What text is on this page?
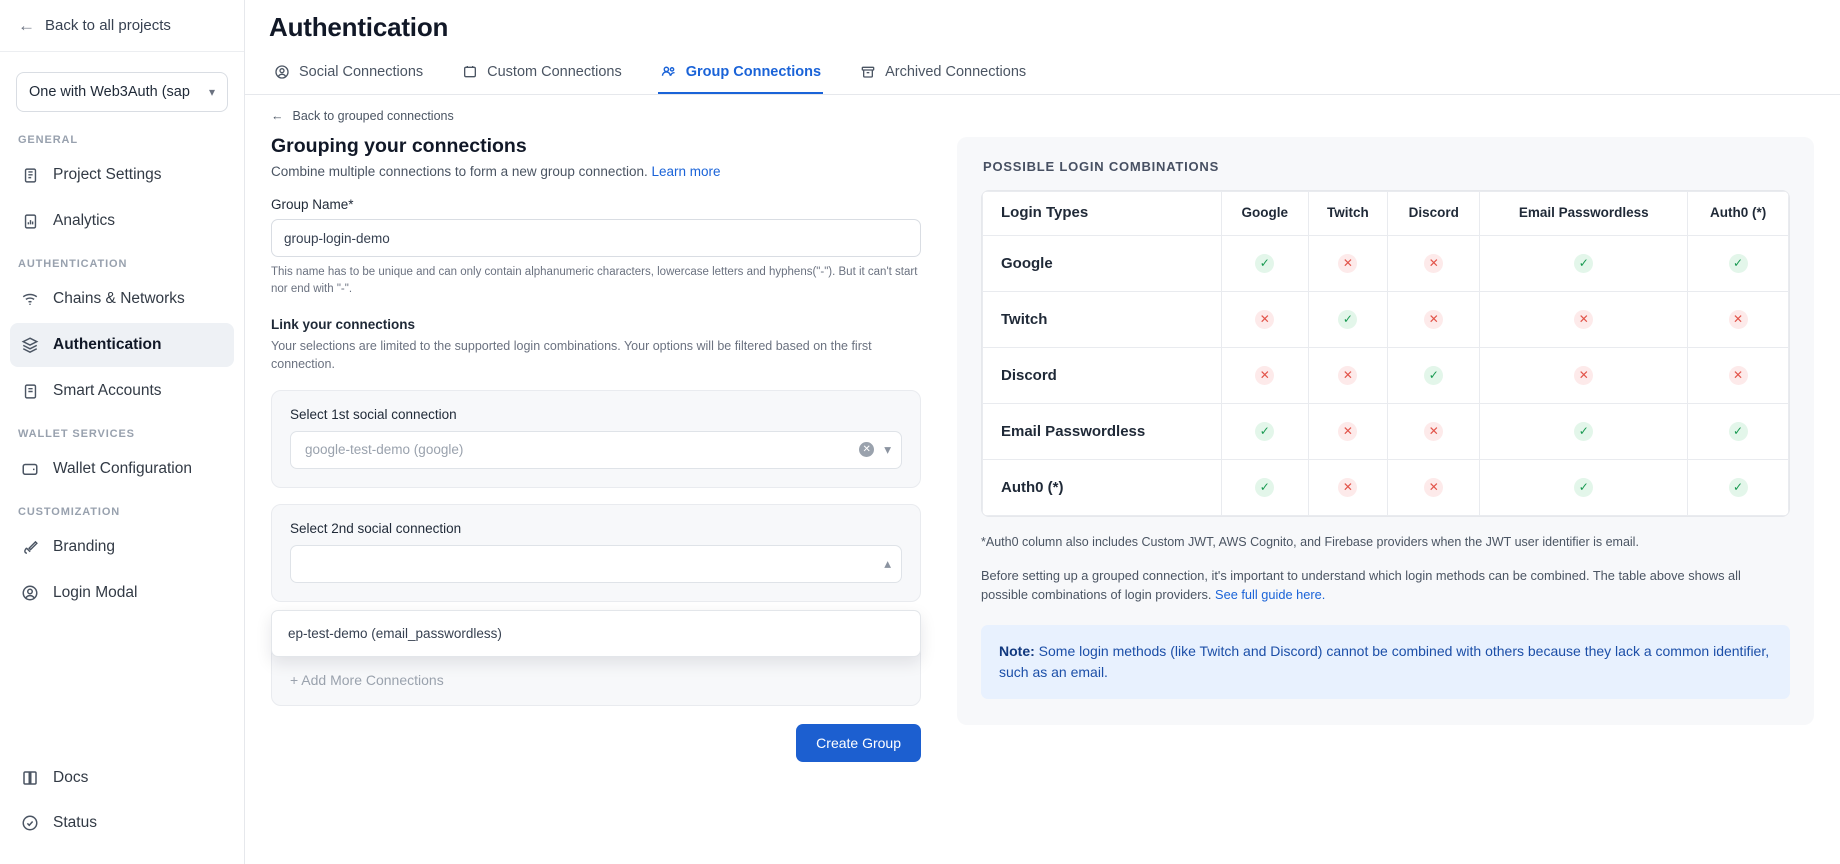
← Back to all projects
One with Web3Auth (sap ▾
GENERAL
Project Settings
Analytics
AUTHENTICATION
Chains & Networks
Authentication
Smart Accounts
WALLET SERVICES
Wallet Configuration
CUSTOMIZATION
Branding
Login Modal
Docs
Status
Authentication
Social Connections	Custom Connections	Group Connections	Archived Connections
← Back to grouped connections
Grouping your connections
Combine multiple connections to form a new group connection. Learn more
Group Name*
group-login-demo
This name has to be unique and can only contain alphanumeric characters, lowercase letters and hyphens("-"). But it can't start nor end with "-".
Link your connections
Your selections are limited to the supported login combinations. Your options will be filtered based on the first connection.
Select 1st social connection
google-test-demo (google)	✕ ▾
Select 2nd social connection
▴
ep-test-demo (email_passwordless)
+ Add More Connections
Create Group
POSSIBLE LOGIN COMBINATIONS
Login Types	Google	Twitch	Discord	Email Passwordless	Auth0 (*)
Google	✓	✕	✕	✓	✓
Twitch	✕	✓	✕	✕	✕
Discord	✕	✕	✓	✕	✕
Email Passwordless	✓	✕	✕	✓	✓
Auth0 (*)	✓	✕	✕	✓	✓
*Auth0 column also includes Custom JWT, AWS Cognito, and Firebase providers when the JWT user identifier is email.
Before setting up a grouped connection, it's important to understand which login methods can be combined. The table above shows all possible combinations of login providers. See full guide here.
Note: Some login methods (like Twitch and Discord) cannot be combined with others because they lack a common identifier, such as an email.
